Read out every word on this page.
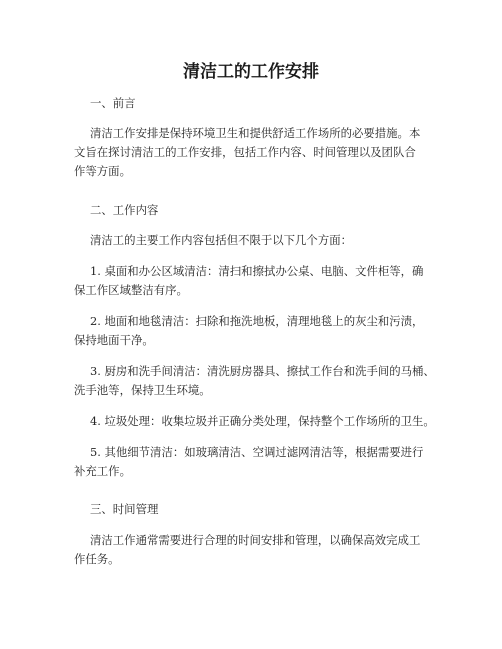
清洁工的工作安排
一、前言
清洁工作安排是保持环境卫生和提供舒适工作场所的必要措施。本
文旨在探讨清洁工的工作安排，包括工作内容、时间管理以及团队合
作等方面。
二、工作内容
清洁工的主要工作内容包括但不限于以下几个方面：
1. 桌面和办公区域清洁：清扫和擦拭办公桌、电脑、文件柜等，确
保工作区域整洁有序。
2. 地面和地毯清洁：扫除和拖洗地板，清理地毯上的灰尘和污渍，
保持地面干净。
3. 厨房和洗手间清洁：清洗厨房器具、擦拭工作台和洗手间的马桶、
洗手池等，保持卫生环境。
4. 垃圾处理：收集垃圾并正确分类处理，保持整个工作场所的卫生。
5. 其他细节清洁：如玻璃清洁、空调过滤网清洁等，根据需要进行
补充工作。
三、时间管理
清洁工作通常需要进行合理的时间安排和管理，以确保高效完成工
作任务。
